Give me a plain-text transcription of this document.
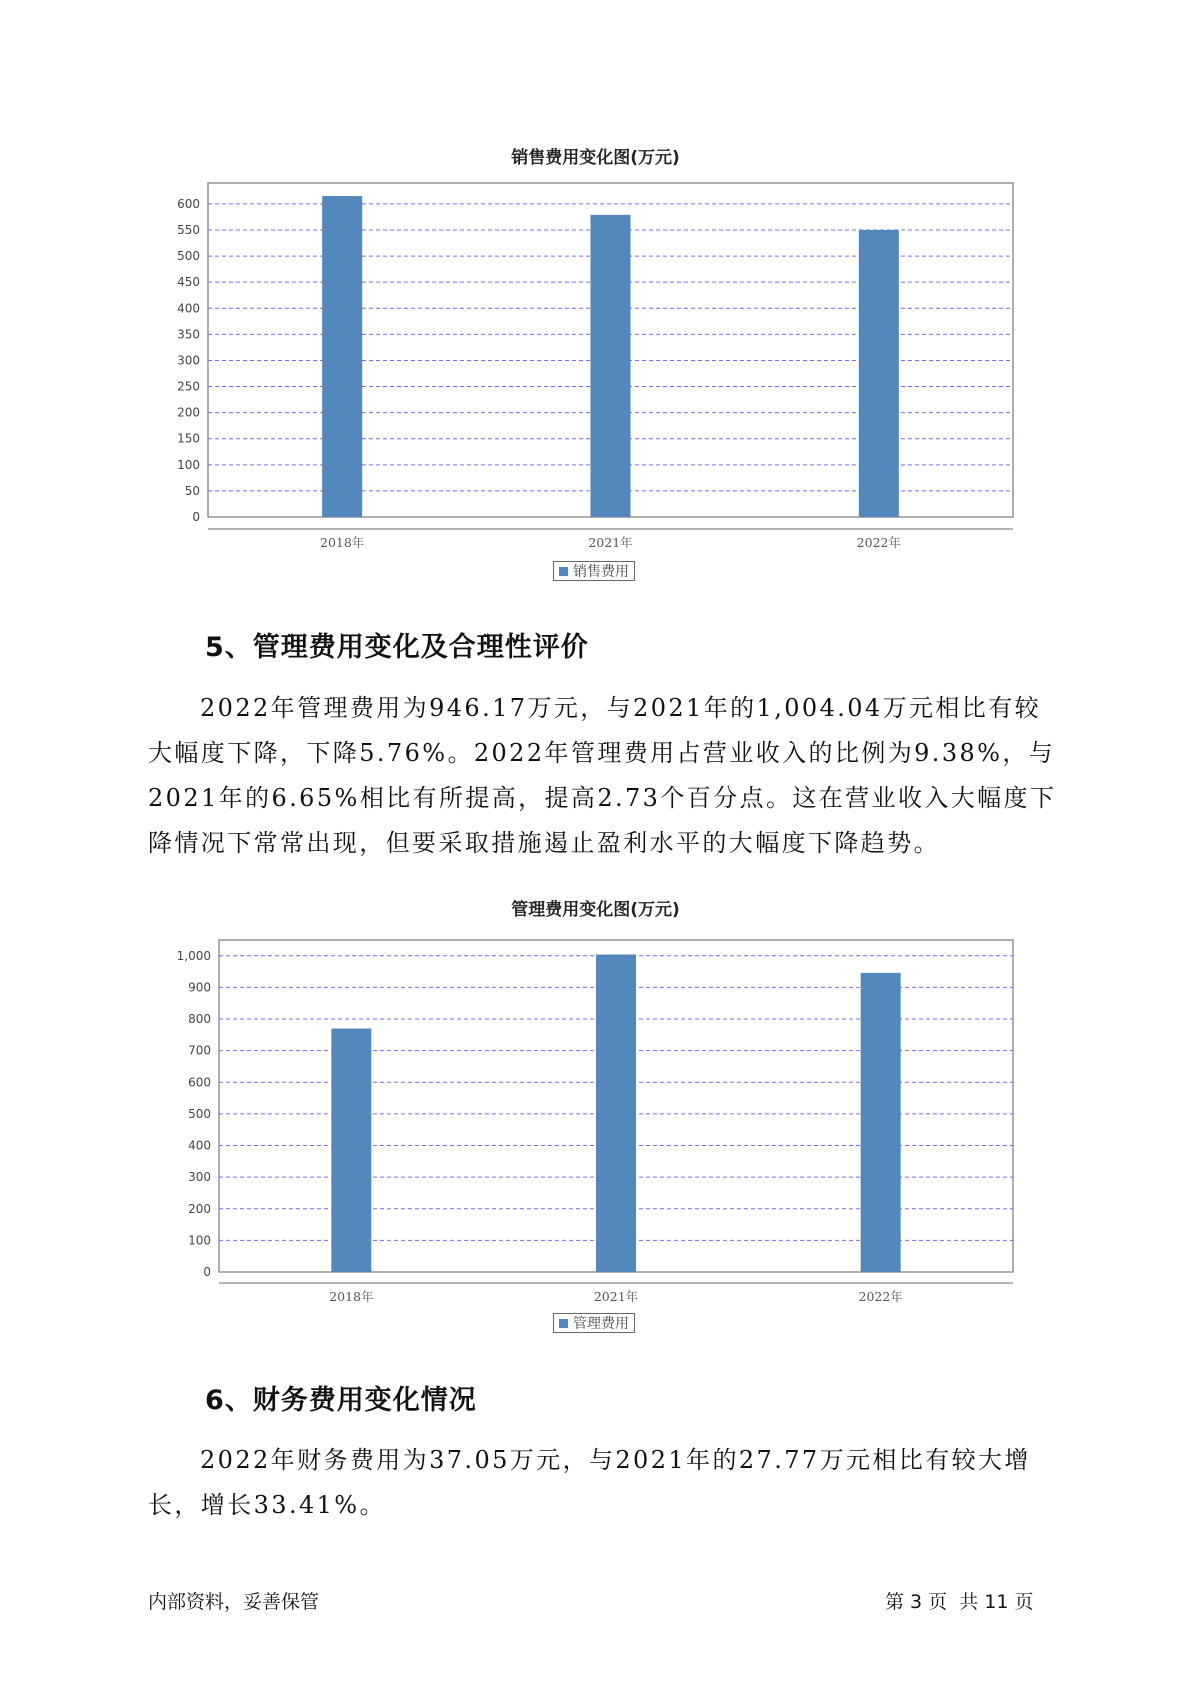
销售费用变化图(万元)
0
50
100
150
200
250
300
350
400
450
500
550
600
2018年	2021年	2022年
销售费用
5、管理费用变化及合理性评价

2022年管理费用为946.17万元，与2021年的1,004.04万元相比有较大幅度下降，下降5.76%。2022年管理费用占营业收入的比例为9.38%，与2021年的6.65%相比有所提高，提高2.73个百分点。这在营业收入大幅度下降情况下常常出现，但要采取措施遏止盈利水平的大幅度下降趋势。

管理费用变化图(万元)
0
100
200
300
400
500
600
700
800
900
1,000
2018年	2021年	2022年
管理费用
6、财务费用变化情况

2022年财务费用为37.05万元，与2021年的27.77万元相比有较大增长，增长33.41%。

内部资料，妥善保管	第 3 页  共 11 页
